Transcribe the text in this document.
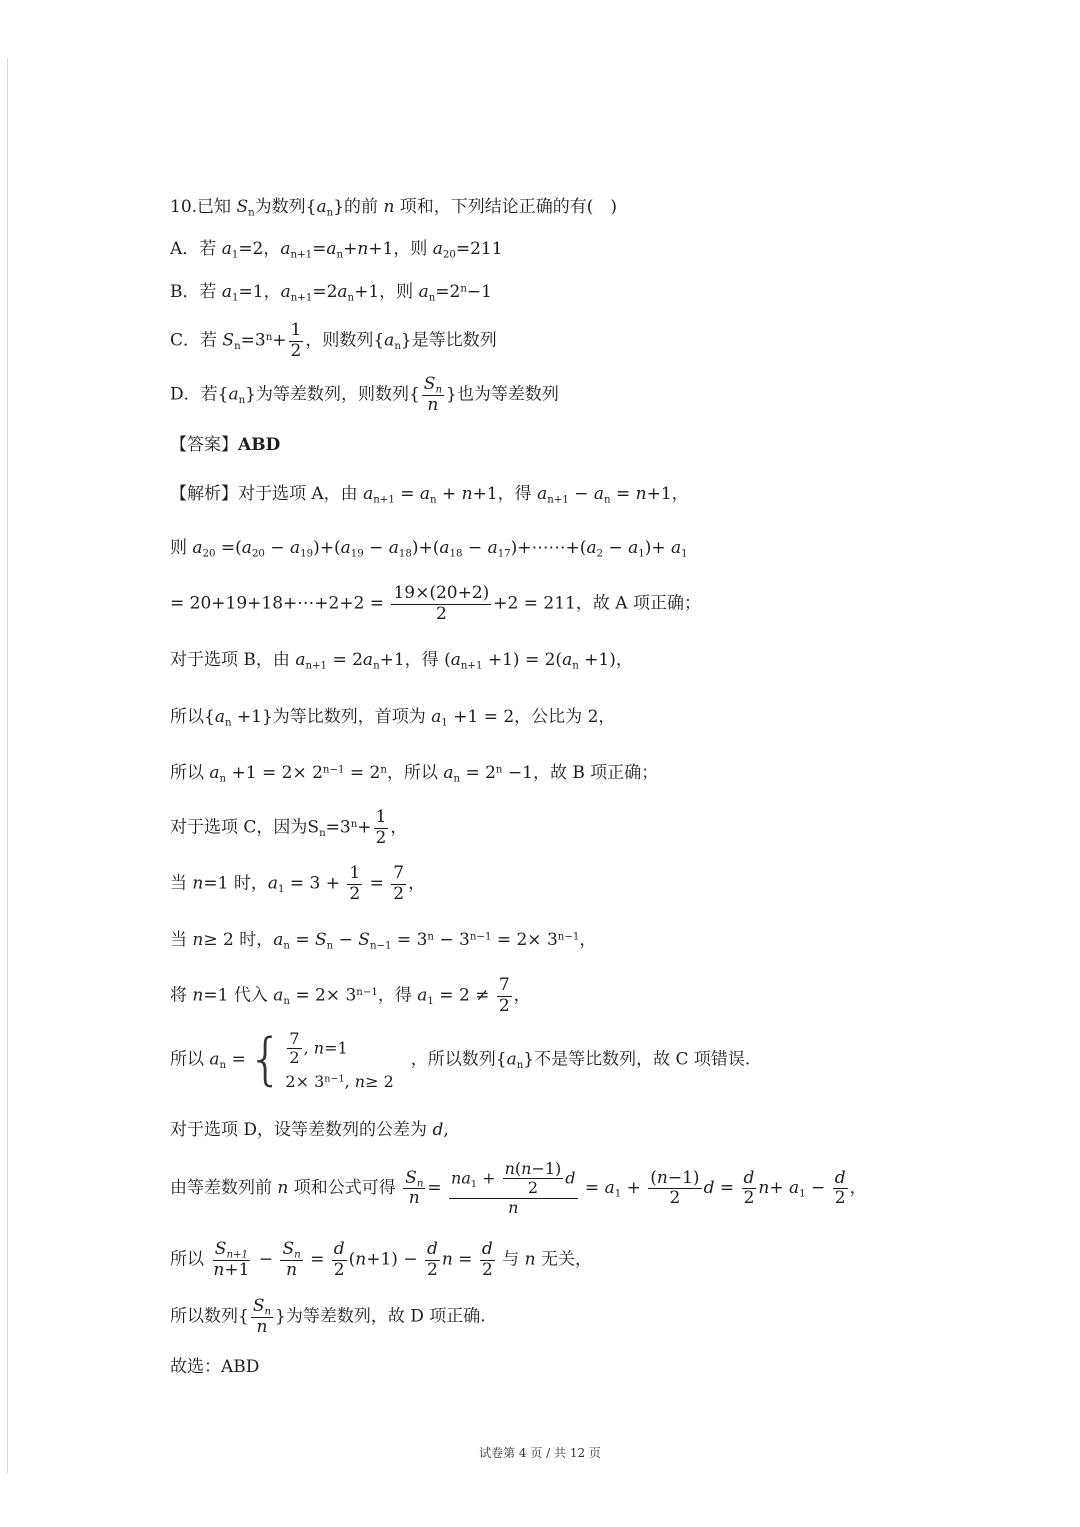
10.已知 $S_n$为数列$\{a_n\}$的前 n 项和，下列结论正确的有(　)
A．若 $a_1=2$，$a_{n+1}=a_n+n+1$，则 $a_{20}=211$
B．若 $a_1=1$，$a_{n+1}=2a_n+1$，则 $a_n=2^n-1$
C．若 $S_n=3^n+ \frac{1}{2}$ ，则数列$\{a_n\}$是等比数列
D．若$\{a_n\}$为等差数列，则数列{ $\frac{S_n}{n}$ }也为等差数列
【答案】ABD
【解析】对于选项 A，由 $a_{n+1} = a_n + n+1$，得 $a_{n+1} - a_n = n+1$，
则 $a_{20} =(a_{20} - a_{19})+(a_{19} - a_{18})+(a_{18}$ − $a_{17})+\cdots\cdots+(a_2 - a_1)+ a_1$
= 20+19+18+⋯+2+2 = $\frac{19\times(20+2)}{2} +2 = 211$，故 A 项正确；
对于选项 B，由 $a_{n+1} = 2a_n+1$，得 $(a_{n+1} +1) = 2(a_n +1)$，
所以$\{a_n +1\}$为等比数列，首项为 $a_1 +1 = 2$，公比为 2，
所以 $a_n +1 = 2\times 2^{n-1} = 2^n$，所以 $a_n = 2^n -1$，故 B 项正确；
对于选项 C，因为$S_n=3^n+ \frac{1}{2}$ ，
当 n=1 时，$a_1 = 3 + \frac{1}{2} = \frac{7}{2}$ ，
当 n≥ 2 时，$a_n = S_n - S_{n-1} = 3^n - 3^{n-1} = 2\times 3^{n-1}$，
将 n=1 代入 $a_n = 2\times 3^{n-1}$，得 $a_1 = 2 \ne \frac{7}{2}$ ，
所以 $a_n$ = { $\frac{7}{2}$ , n=1
$2\times 3^{n-1}$, n≥ 2
　，所以数列$\{a_n\}$不是等比数列，故 C 项错误.
对于选项 D，设等差数列的公差为 d,
由等差数列前 n 项和公式可得 $\frac{S_n}{n} = \frac{na_1 + \frac{n(n-1)}{2} d}{n} = a_1 + \frac{(n-1)}{2}$ $d = \frac{d}{2} n+ a_1 - \frac{d}{2}$ ，
所以 $\frac{S_{n+1}}{n+1} - \frac{S_n}{n} = \frac{d}{2} (n+1) - \frac{d}{2}$ $n = \frac{d}{2}$ 与 n 无关，
所以数列{ $\frac{S_n}{n}$ }为等差数列，故 D 项正确.
故选：ABD
试卷第 4 页 / 共 12 页
